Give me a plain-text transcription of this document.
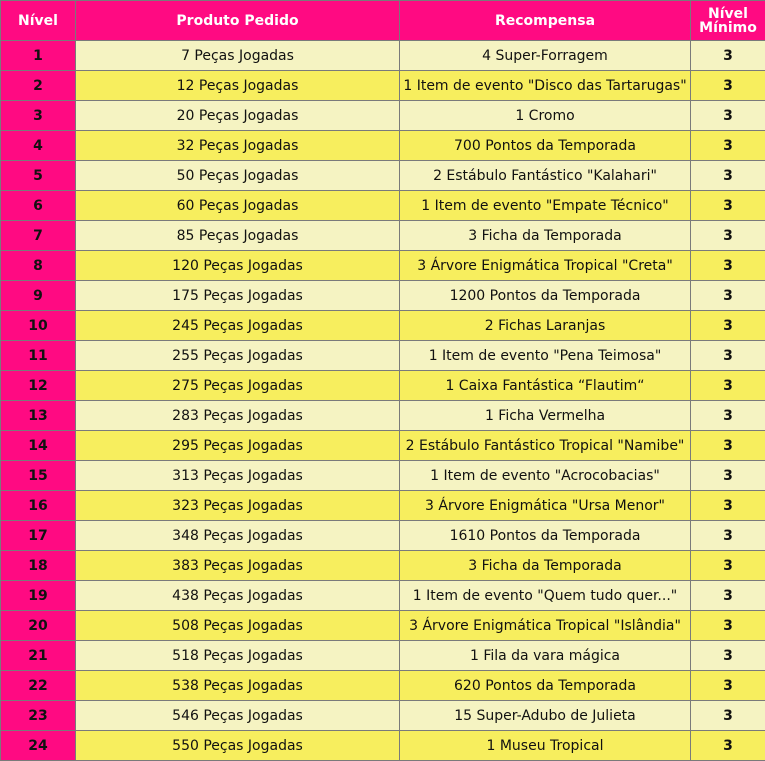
Nível	Produto Pedido	Recompensa	Nível
Mínimo
1	7 Peças Jogadas	4 Super-Forragem	3
2	12 Peças Jogadas	1 Item de evento "Disco das Tartarugas"	3
3	20 Peças Jogadas	1 Cromo	3
4	32 Peças Jogadas	700 Pontos da Temporada	3
5	50 Peças Jogadas	2 Estábulo Fantástico "Kalahari"	3
6	60 Peças Jogadas	1 Item de evento "Empate Técnico"	3
7	85 Peças Jogadas	3 Ficha da Temporada	3
8	120 Peças Jogadas	3 Árvore Enigmática Tropical "Creta"	3
9	175 Peças Jogadas	1200 Pontos da Temporada	3
10	245 Peças Jogadas	2 Fichas Laranjas	3
11	255 Peças Jogadas	1 Item de evento "Pena Teimosa"	3
12	275 Peças Jogadas	1 Caixa Fantástica “Flautim“	3
13	283 Peças Jogadas	1 Ficha Vermelha	3
14	295 Peças Jogadas	2 Estábulo Fantástico Tropical "Namibe"	3
15	313 Peças Jogadas	1 Item de evento "Acrocobacias"	3
16	323 Peças Jogadas	3 Árvore Enigmática "Ursa Menor"	3
17	348 Peças Jogadas	1610 Pontos da Temporada	3
18	383 Peças Jogadas	3 Ficha da Temporada	3
19	438 Peças Jogadas	1 Item de evento "Quem tudo quer..."	3
20	508 Peças Jogadas	3 Árvore Enigmática Tropical "Islândia"	3
21	518 Peças Jogadas	1 Fila da vara mágica	3
22	538 Peças Jogadas	620 Pontos da Temporada	3
23	546 Peças Jogadas	15 Super-Adubo de Julieta	3
24	550 Peças Jogadas	1 Museu Tropical	3
